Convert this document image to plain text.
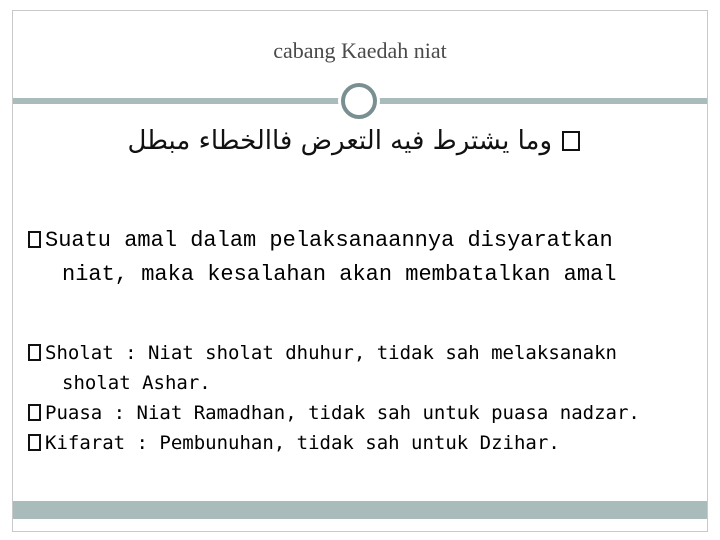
cabang Kaedah niat
وما يشترط فيه التعرض فاالخطاء مبطل
Suatu amal dalam pelaksanaannya disyaratkan
niat, maka kesalahan akan membatalkan amal
Sholat : Niat sholat dhuhur, tidak sah melaksanakn
sholat Ashar.
Puasa : Niat Ramadhan, tidak sah untuk puasa nadzar.
Kifarat : Pembunuhan, tidak sah untuk Dzihar.
